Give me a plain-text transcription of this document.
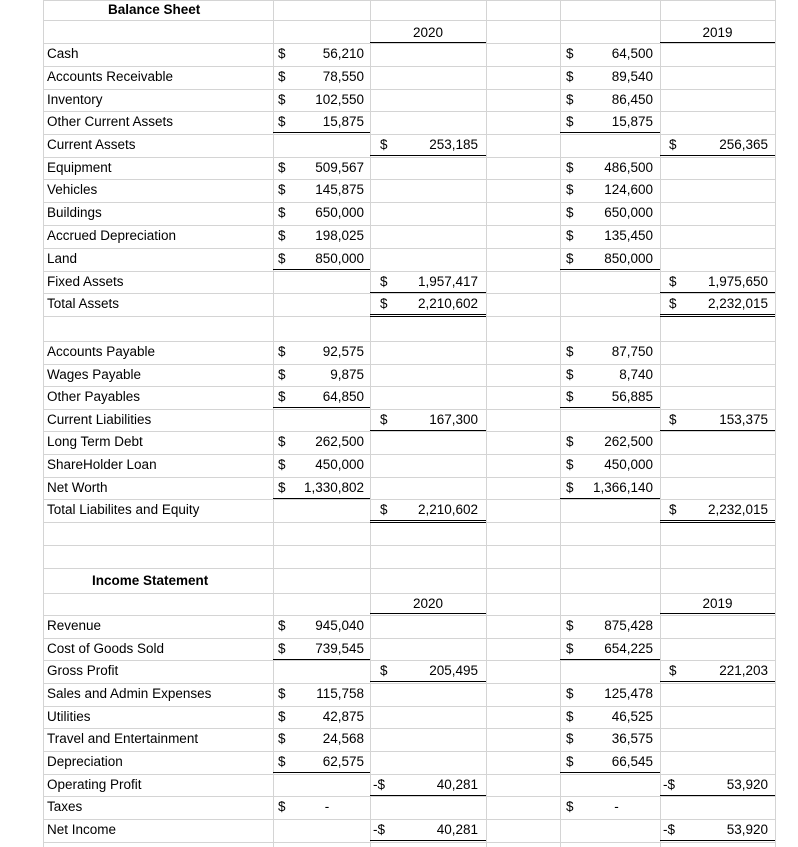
Balance Sheet
2020	2019
Income Statement
2020	2019
Cash	$	56,210	$	64,500
Accounts Receivable	$	78,550	$	89,540
Inventory	$	102,550	$	86,450
Other Current Assets	$	15,875	$	15,875
Current Assets	$	253,185	$	256,365
Equipment	$	509,567	$	486,500
Vehicles	$	145,875	$	124,600
Buildings	$	650,000	$	650,000
Accrued Depreciation	$	198,025	$	135,450
Land	$	850,000	$	850,000
Fixed Assets	$	1,957,417	$	1,975,650
Total Assets	$	2,210,602	$	2,232,015
Accounts Payable	$	92,575	$	87,750
Wages Payable	$	9,875	$	8,740
Other Payables	$	64,850	$	56,885
Current Liabilities	$	167,300	$	153,375
Long Term Debt	$	262,500	$	262,500
ShareHolder Loan	$	450,000	$	450,000
Net Worth	$	1,330,802	$	1,366,140
Total Liabilites and Equity	$	2,210,602	$	2,232,015
Revenue	$	945,040	$	875,428
Cost of Goods Sold	$	739,545	$	654,225
Gross Profit	$	205,495	$	221,203
Sales and Admin Expenses	$	115,758	$	125,478
Utilities	$	42,875	$	46,525
Travel and Entertainment	$	24,568	$	36,575
Depreciation	$	62,575	$	66,545
Operating Profit	-$	40,281	-$	53,920
Taxes	$	-	$	-
Net Income	-$	40,281	-$	53,920
